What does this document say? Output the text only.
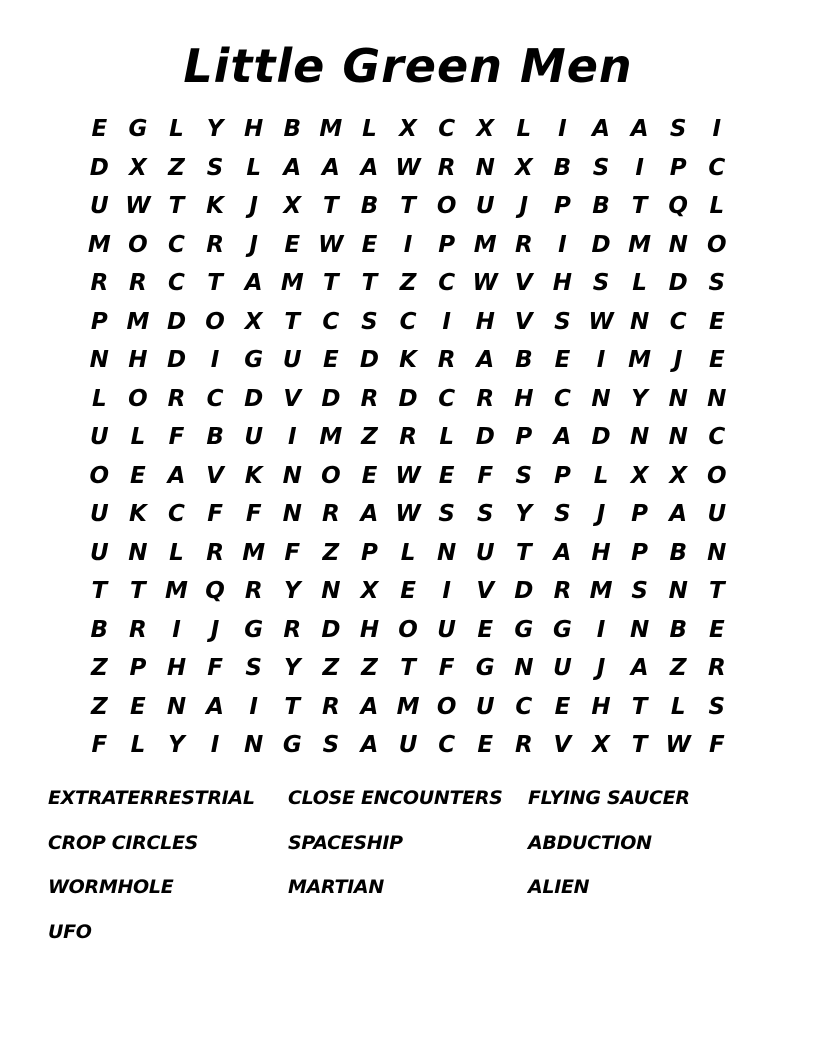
Little Green Men
E G L Y H B M L X C X L	I	A A S	I
D X Z S L A A A W R N X B S	I	P C
U W T K	J	X T B T O U	J	P B T Q L
M O C R	J	E W E	I	P M R	I	D M N O
R R C T A M T T Z C W V H S L D S
P M D O X T C S C	I	H V S W N C E
N H D	I	G U E D K R A B E	I M J	E
L O R C D V D R D C R H C N Y N N
U L	F B U	I M Z R L D P A D N N C
O E A V K N O E W E F S P L X X O
U K C F F N R A W S S Y S	J	P A U
U N L R M F Z P L N U T A H P B N
T T M Q R Y N X E	I	V D R M S N T
B R	I	J	G R D H O U E G G	I	N B E
Z P H F S Y Z Z T F G N U	J	A Z R
Z E N A	I	T R A M O U C E H T	L S
F	L Y	I	N G S A U C E R V X T W F
EXTRATERRESTRIAL	CLOSE ENCOUNTERS	FLYING SAUCER
CROP CIRCLES	SPACESHIP	ABDUCTION
WORMHOLE	MARTIAN	ALIEN
UFO
